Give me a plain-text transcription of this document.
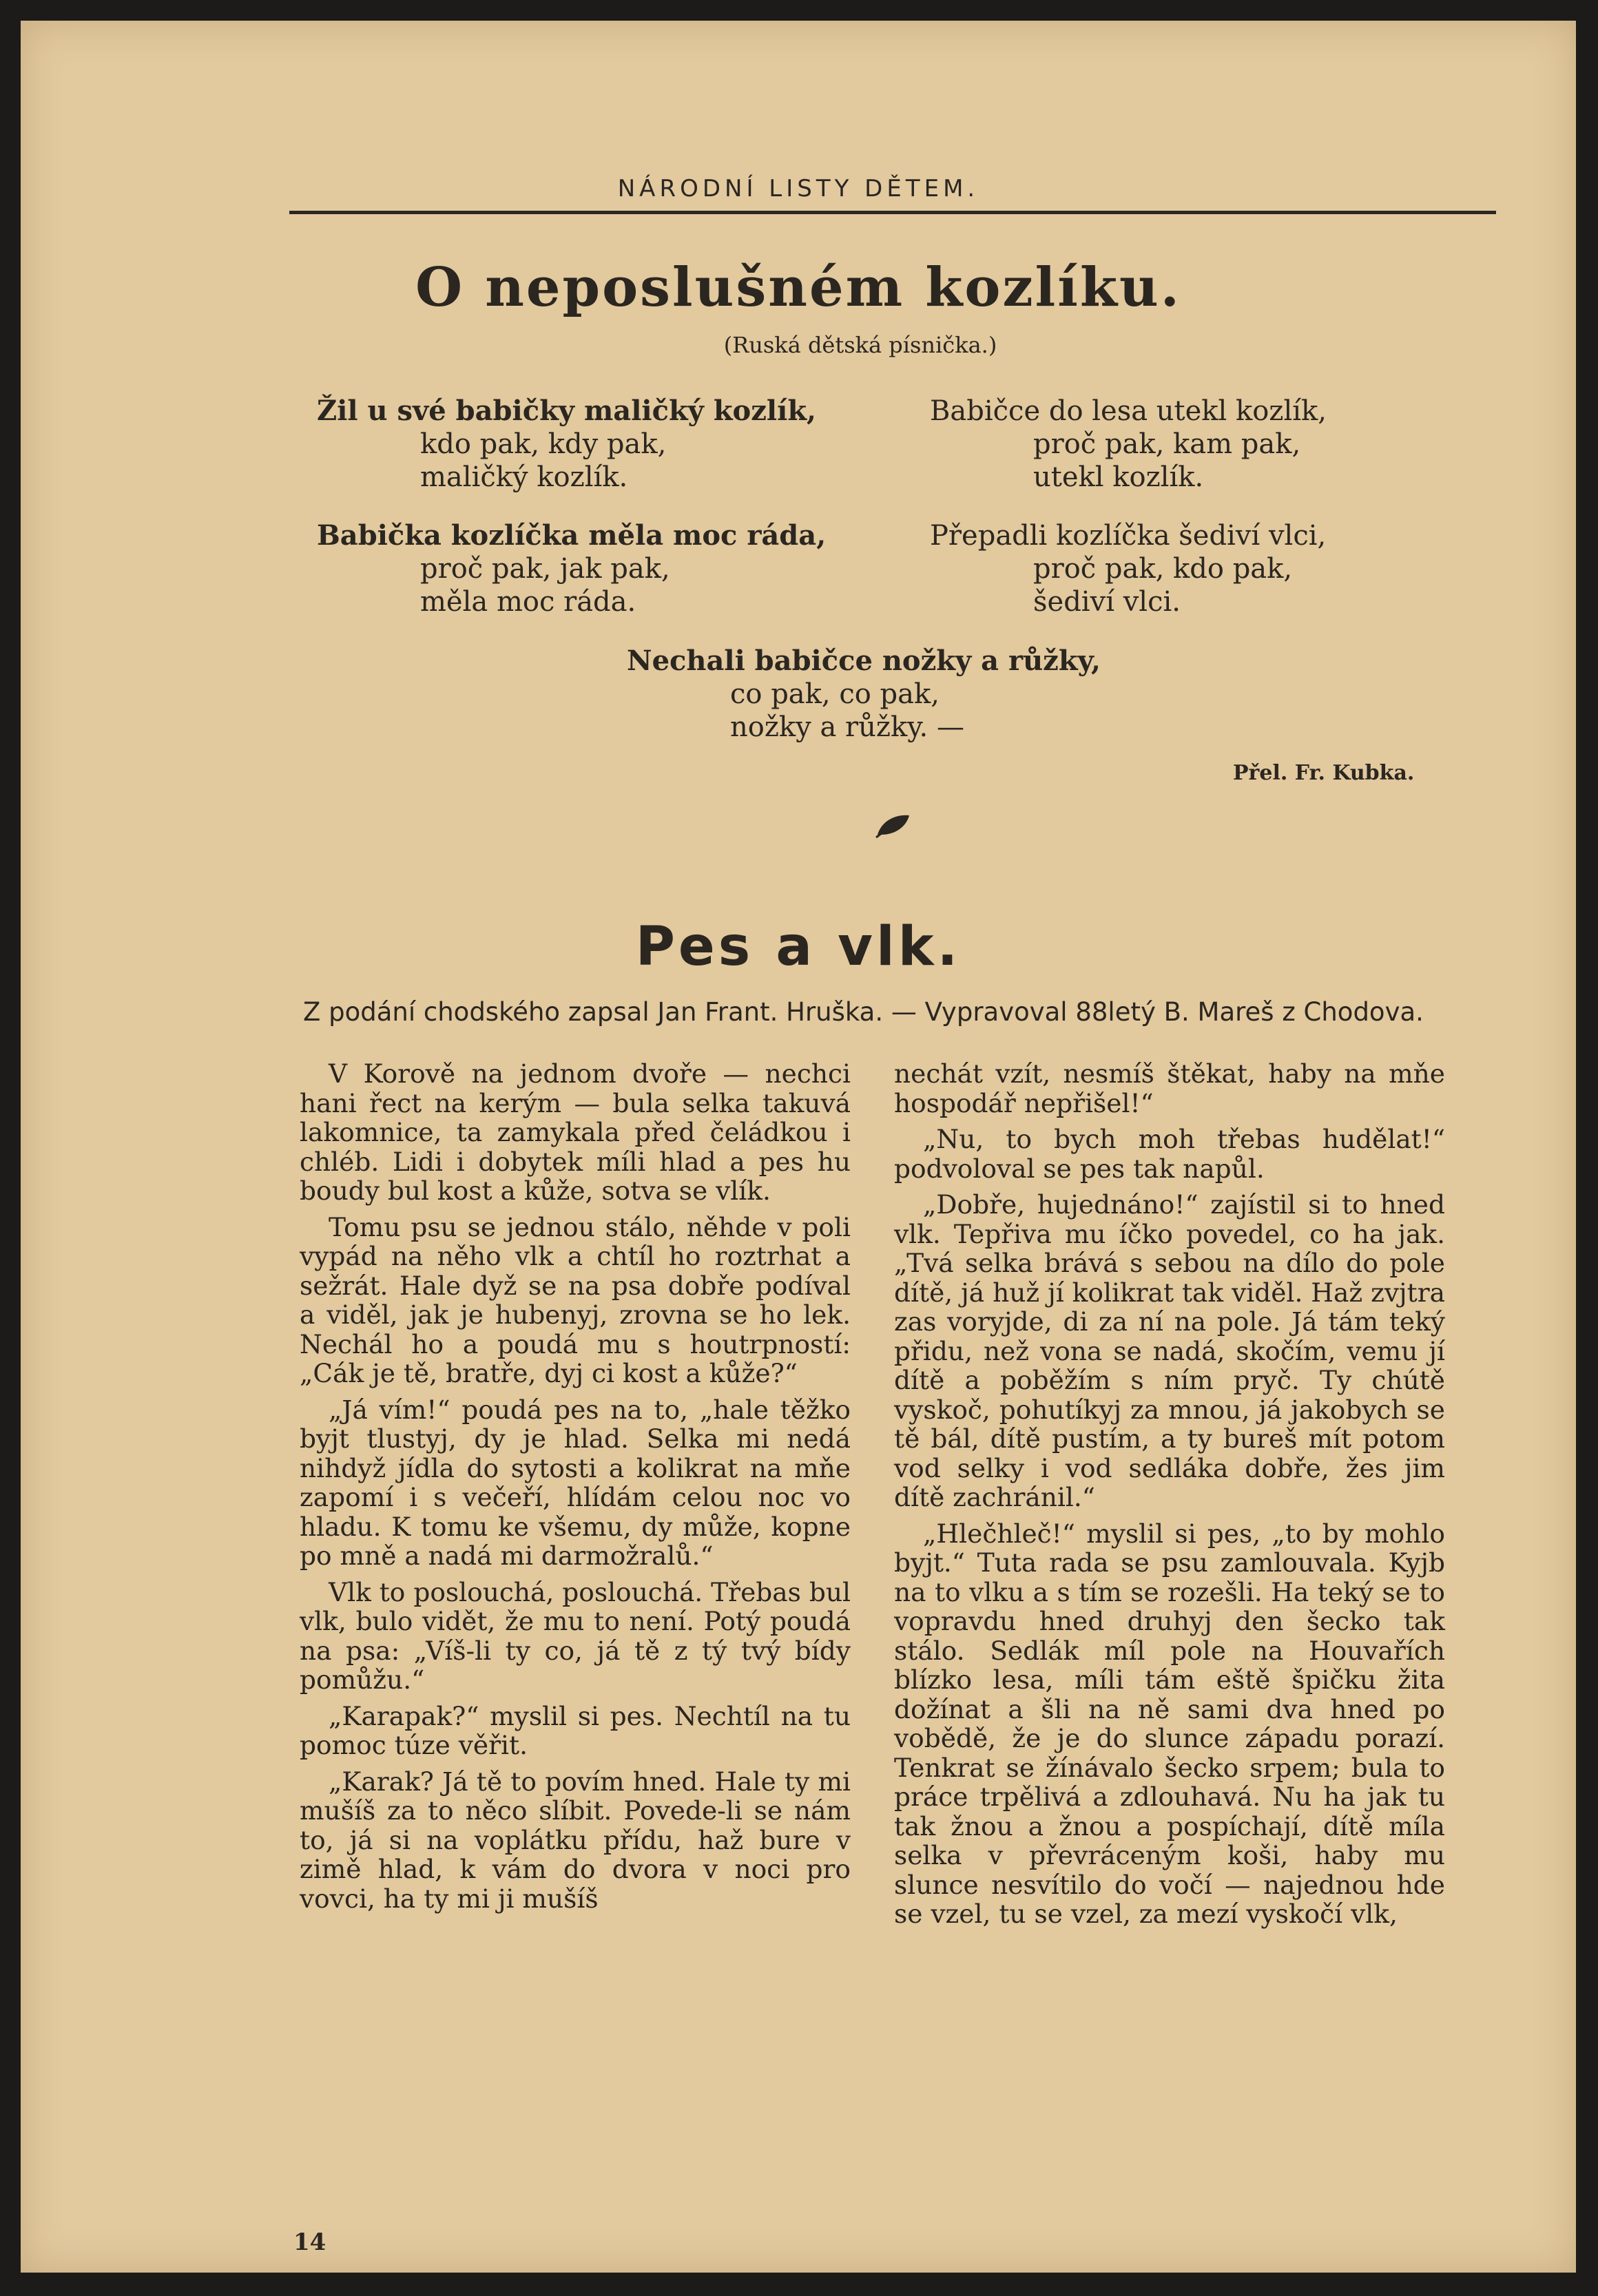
NÁRODNÍ LISTY DĚTEM.
O neposlušném kozlíku.
(Ruská dětská písnička.)
Žil u své babičky maličký kozlík,
kdo pak, kdy pak,
maličký kozlík.
Babička kozlíčka měla moc ráda,
proč pak, jak pak,
měla moc ráda.
Babičce do lesa utekl kozlík,
proč pak, kam pak,
utekl kozlík.
Přepadli kozlíčka šediví vlci,
proč pak, kdo pak,
šediví vlci.
Nechali babičce nožky a růžky,
co pak, co pak,
nožky a růžky. —
Přel. Fr. Kubka.
Pes a vlk.
Z podání chodského zapsal Jan Frant. Hruška. — Vypravoval 88letý B. Mareš z Chodova.

V Korově na jednom dvoře — nechci hani řect na kerým — bula selka takuvá lakomnice, ta zamykala před čeládkou i chléb. Lidi i dobytek míli hlad a pes hu boudy bul kost a kůže, sotva se vlík.

Tomu psu se jednou stálo, něhde v poli vypád na něho vlk a chtíl ho roztrhat a sežrát. Hale dyž se na psa dobře podíval a viděl, jak je hubenyj, zrovna se ho lek. Nechál ho a poudá mu s houtrpností: „Cák je tě, bratře, dyj ci kost a kůže?“

„Já vím!“ poudá pes na to, „hale těžko byjt tlustyj, dy je hlad. Selka mi nedá nihdyž jídla do sytosti a kolikrat na mňe zapomí i s večeří, hlídám celou noc vo hladu. K tomu ke všemu, dy může, kopne po mně a nadá mi darmožralů.“

Vlk to poslouchá, poslouchá. Třebas bul vlk, bulo vidět, že mu to není. Potý poudá na psa: „Víš-li ty co, já tě z tý tvý bídy pomůžu.“

„Karapak?“ myslil si pes. Nechtíl na tu pomoc túze věřit.

„Karak? Já tě to povím hned. Hale ty mi mušíš za to něco slíbit. Povede-li se nám to, já si na voplátku přídu, haž bure v zimě hlad, k vám do dvora v noci pro vovci, ha ty mi ji mušíš

nechát vzít, nesmíš štěkat, haby na mňe hospodář nepřišel!“

„Nu, to bych moh třebas hudělat!“ podvoloval se pes tak napůl.

„Dobře, hujednáno!“ zajístil si to hned vlk. Tepřiva mu íčko povedel, co ha jak. „Tvá selka brává s sebou na dílo do pole dítě, já huž jí kolikrat tak viděl. Haž zvjtra zas voryjde, di za ní na pole. Já tám teký přidu, než vona se nadá, skočím, vemu jí dítě a poběžím s ním pryč. Ty chútě vyskoč, pohutíkyj za mnou, já jakobych se tě bál, dítě pustím, a ty bureš mít potom vod selky i vod sedláka dobře, žes jim dítě zachránil.“

„Hlečhleč!“ myslil si pes, „to by mohlo byjt.“ Tuta rada se psu zamlouvala. Kyjb na to vlku a s tím se rozešli. Ha teký se to vopravdu hned druhyj den šecko tak stálo. Sedlák míl pole na Houvařích blízko lesa, míli tám eště špičku žita dožínat a šli na ně sami dva hned po vobědě, že je do slunce západu porazí. Tenkrat se žínávalo šecko srpem; bula to práce trpělivá a zdlouhavá. Nu ha jak tu tak žnou a žnou a pospíchají, dítě míla selka v převráceným koši, haby mu slunce nesvítilo do vočí — najednou hde se vzel, tu se vzel, za mezí vyskočí vlk,

14
